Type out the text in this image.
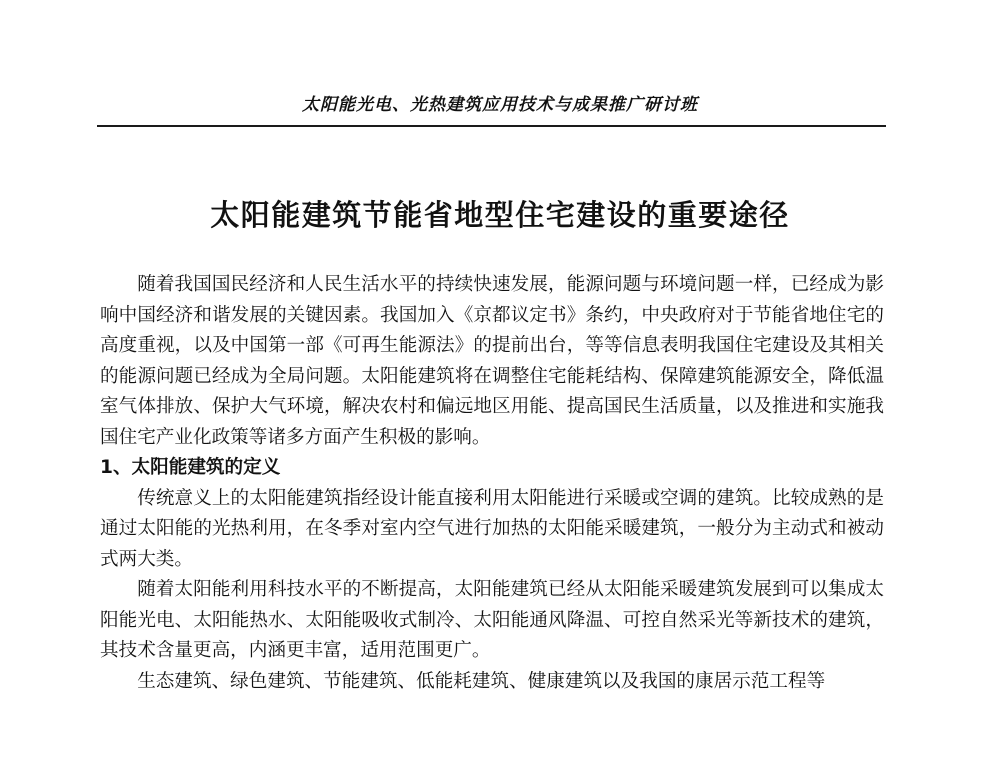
太阳能光电、光热建筑应用技术与成果推广研讨班
太阳能建筑节能省地型住宅建设的重要途径

随着我国国民经济和人民生活水平的持续快速发展，能源问题与环境问题一样，已经成为影响中国经济和谐发展的关键因素。我国加入《京都议定书》条约，中央政府对于节能省地住宅的高度重视，以及中国第一部《可再生能源法》的提前出台，等等信息表明我国住宅建设及其相关的能源问题已经成为全局问题。太阳能建筑将在调整住宅能耗结构、保障建筑能源安全，降低温室气体排放、保护大气环境，解决农村和偏远地区用能、提高国民生活质量，以及推进和实施我国住宅产业化政策等诸多方面产生积极的影响。

1、太阳能建筑的定义

传统意义上的太阳能建筑指经设计能直接利用太阳能进行采暖或空调的建筑。比较成熟的是通过太阳能的光热利用，在冬季对室内空气进行加热的太阳能采暖建筑，一般分为主动式和被动式两大类。

随着太阳能利用科技水平的不断提高，太阳能建筑已经从太阳能采暖建筑发展到可以集成太阳能光电、太阳能热水、太阳能吸收式制冷、太阳能通风降温、可控自然采光等新技术的建筑，其技术含量更高，内涵更丰富，适用范围更广。

生态建筑、绿色建筑、节能建筑、低能耗建筑、健康建筑以及我国的康居示范工程等
